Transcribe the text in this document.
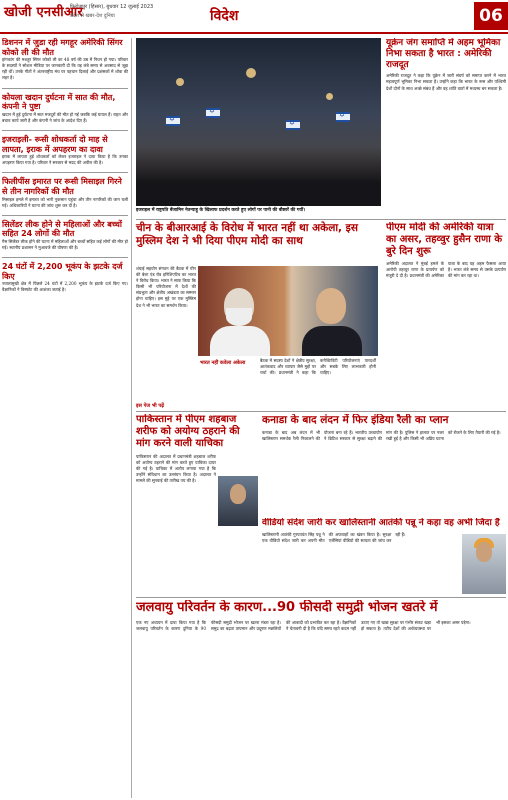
खोजी एनसीआर
फिरोजपुर (हिसार), बुधवार 12 जुलाई 2023
प्रदेश से खबर-देश दुनिया	विदेश	06
डिशनन में जुडा रही मगहूर अमेरिकी सिंगर कोको ली की मौत
हांगकांग की मशहूर सिंगर कोको ली का 48 वर्ष की उम्र में निधन हो गया। परिवार के सदस्यों ने सोशल मीडिया पर जानकारी दी कि वह लंबे समय से अवसाद से जूझ रही थीं। उनके गीतों ने अंतरराष्ट्रीय मंच पर पहचान दिलाई और प्रशंसकों में शोक की लहर है।
कोयला खदान दुर्घटना में सात की मौत, कंपनी ने पुष्टा
खदान में हुई दुर्घटना में सात मजदूरों की मौत हो गई जबकि कई घायल हैं। राहत और बचाव कार्य जारी है और कंपनी ने जांच के आदेश दिए हैं।
इजराइली- रूसी शोधकर्ता दो माह से लापता, इराक में अपहरण का दावा
इराक में लापता हुई शोधकर्ता को लेकर इजराइल ने दावा किया है कि उनका अपहरण किया गया है। परिवार ने सरकार से मदद की अपील की है।
फिलीपींस इमारत पर रूसी मिसाइल गिरने से तीन नागरिकों की मौत
मिसाइल हमले में इमारत को भारी नुकसान पहुंचा और तीन नागरिकों की जान चली गई। अधिकारियों ने घटना की जांच शुरू कर दी है।
सिलेंडर लीक होने से महिलाओं और बच्चों सहित 24 लोगों की मौत
गैस सिलेंडर लीक होने की घटना में महिलाओं और बच्चों सहित कई लोगों की मौत हो गई। स्थानीय प्रशासन ने मुआवजे की घोषणा की है।
24 घंटों में 2,200 भूकंप के झटके दर्ज किए
ज्वालामुखी क्षेत्र में पिछले 24 घंटों में 2,200 भूकंप के झटके दर्ज किए गए। वैज्ञानिकों ने विस्फोट की आशंका जताई है।
✡
✡
✡
✡
इजराइल में राष्ट्रपति बेंजामिन नेतन्याहू के खिलाफ प्रदर्शन करते हुए लोगों पर पानी की बौछारें की गयीं।
यूक्रेन जंग समाप्ति में अहम भूमिका निभा सकता है भारत : अमेरिकी राजदूत
अमेरिकी राजदूत ने कहा कि यूक्रेन में जारी संघर्ष को समाप्त करने में भारत महत्वपूर्ण भूमिका निभा सकता है। उन्होंने कहा कि भारत के रूस और पश्चिमी देशों दोनों के साथ अच्छे संबंध हैं और वह शांति वार्ता में मध्यस्थ बन सकता है।
चीन के बीआरआई के विरोध में भारत नहीं था अकेला, इस मुस्लिम देश ने भी दिया पीएम मोदी का साथ
शंघाई सहयोग संगठन की बैठक में चीन की बेल्ट एंड रोड इनिशिएटिव का भारत ने विरोध किया। भारत ने साफ किया कि किसी भी परियोजना में देशों की संप्रभुता और क्षेत्रीय अखंडता का सम्मान होना चाहिए। इस मुद्दे पर एक मुस्लिम देश ने भी भारत का समर्थन किया।
भारत नहीं कवेला अकेला	बैठक में सदस्य देशों ने क्षेत्रीय सुरक्षा, आतंकवाद और व्यापार जैसे मुद्दों पर चर्चा की। प्रधानमंत्री ने कहा कि कनेक्टिविटी परियोजनाएं पारदर्शी और सबके लिए लाभकारी होनी चाहिए।
इस पेज भी पढ़ें
पीएम मोदी की अमेरिकी यात्रा का असर, तहव्वुर हुसैन राणा के बुरे दिन शुरू
अमेरिकी अदालत ने मुंबई हमले के आरोपी तहव्वुर राणा के प्रत्यर्पण को मंजूरी दे दी है। प्रधानमंत्री की अमेरिका यात्रा के बाद यह अहम फैसला आया है। भारत लंबे समय से उसके प्रत्यर्पण की मांग कर रहा था।
पाकिस्तान में पीएम शहबाज शरीफ को अयोग्य ठहराने की मांग करने वाली याचिका
पाकिस्तान की अदालत में प्रधानमंत्री शहबाज शरीफ को अयोग्य ठहराने की मांग करते हुए याचिका दायर की गई है। याचिका में आरोप लगाया गया है कि उन्होंने संविधान का उल्लंघन किया है। अदालत ने मामले की सुनवाई की तारीख तय की है।
कनाडा के बाद लंदन में फिर इंडिया रैली का प्लान
कनाडा के बाद अब लंदन में भी खालिस्तान समर्थक रैली निकालने की योजना बना रहे हैं। भारतीय उच्चायोग ने ब्रिटिश सरकार से सुरक्षा बढ़ाने की मांग की है। पुलिस ने हालात पर नजर रखी हुई है और किसी भी अप्रिय घटना को रोकने के लिए तैयारी की गई है।
वीडियो संदेश जारी कर खालिस्तानी आतंकी पन्नू ने कहा वह अभी जिंदा हैं
खालिस्तानी आतंकी गुरपतवंत सिंह पन्नू ने एक वीडियो संदेश जारी कर अपनी मौत की अफवाहों का खंडन किया है। सुरक्षा एजेंसियां वीडियो की सत्यता की जांच कर रही हैं।
जलवायु परिवर्तन के कारण...90 फीसदी समुद्री भोजन खतरे में
एक नए अध्ययन में दावा किया गया है कि जलवायु परिवर्तन के कारण दुनिया के 90 फीसदी समुद्री भोजन पर खतरा मंडरा रहा है। समुद्र का बढ़ता तापमान और प्रदूषण मछलियों की आबादी को प्रभावित कर रहा है। वैज्ञानिकों ने चेतावनी दी है कि यदि समय रहते कदम नहीं उठाए गए तो खाद्य सुरक्षा पर गंभीर संकट खड़ा हो सकता है। तटीय देशों की अर्थव्यवस्था पर भी इसका असर पड़ेगा।
